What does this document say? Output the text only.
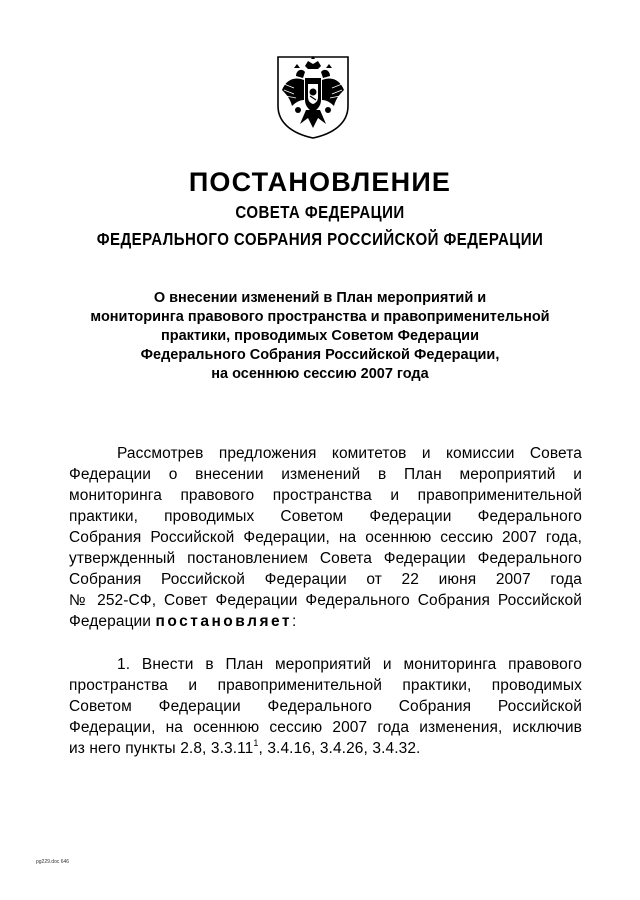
ПОСТАНОВЛЕНИЕ
СОВЕТА ФЕДЕРАЦИИ
ФЕДЕРАЛЬНОГО СОБРАНИЯ РОССИЙСКОЙ ФЕДЕРАЦИИ
О внесении изменений в План мероприятий и
мониторинга правового пространства и правоприменительной
практики, проводимых Советом Федерации
Федерального Собрания Российской Федерации,
на осеннюю сессию 2007 года
Рассмотрев предложения комитетов и комиссии Совета
Федерации о внесении изменений в План мероприятий и
мониторинга правового пространства и правоприменительной
практики, проводимых Советом Федерации Федерального
Собрания Российской Федерации, на осеннюю сессию 2007 года,
утвержденный постановлением Совета Федерации Федерального
Собрания Российской Федерации от 22 июня 2007 года
№ 252-СФ, Совет Федерации Федерального Собрания Российской
Федерации постановляет:
1. Внести в План мероприятий и мониторинга правового
пространства и правоприменительной практики, проводимых
Советом Федерации Федерального Собрания Российской
Федерации, на осеннюю сессию 2007 года изменения, исключив
из него пункты 2.8, 3.3.11$^1$, 3.4.16, 3.4.26, 3.4.32.
pg229.doc 646
